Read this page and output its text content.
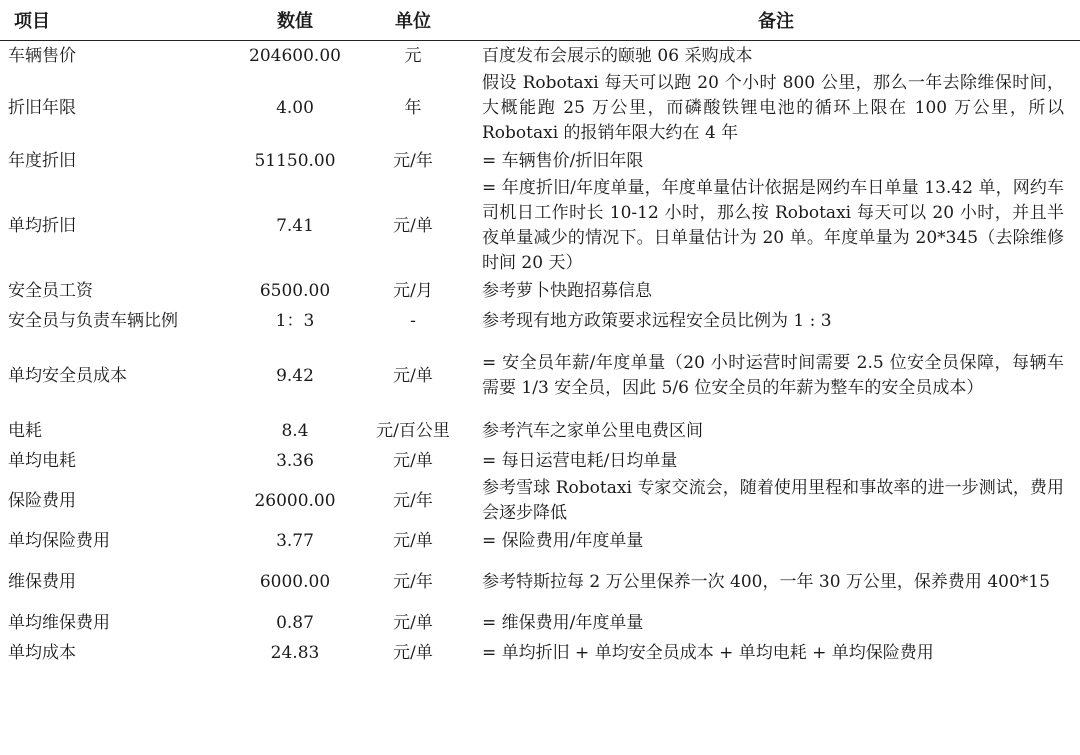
项目	数值	单位	备注
车辆售价	204600.00	元	百度发布会展示的颐驰 06 采购成本
折旧年限	4.00	年	假设 Robotaxi 每天可以跑 20 个小时 800 公里，那么一年去除维保时间，大概能跑 25 万公里，而磷酸铁锂电池的循环上限在 100 万公里，所以 Robotaxi 的报销年限大约在 4 年
年度折旧	51150.00	元/年	= 车辆售价/折旧年限
单均折旧	7.41	元/单	= 年度折旧/年度单量，年度单量估计依据是网约车日单量 13.42 单，网约车司机日工作时长 10-12 小时，那么按 Robotaxi 每天可以 20 小时，并且半夜单量减少的情况下。日单量估计为 20 单。年度单量为 20*345（去除维修时间 20 天）
安全员工资	6500.00	元/月	参考萝卜快跑招募信息
安全员与负责车辆比例	1：3	-	参考现有地方政策要求远程安全员比例为 1 : 3
单均安全员成本	9.42	元/单	= 安全员年薪/年度单量（20 小时运营时间需要 2.5 位安全员保障，每辆车需要 1/3 安全员，因此 5/6 位安全员的年薪为整车的安全员成本）
电耗	8.4	元/百公里	参考汽车之家单公里电费区间
单均电耗	3.36	元/单	= 每日运营电耗/日均单量
保险费用	26000.00	元/年	参考雪球 Robotaxi 专家交流会，随着使用里程和事故率的进一步测试，费用会逐步降低
单均保险费用	3.77	元/单	= 保险费用/年度单量
维保费用	6000.00	元/年	参考特斯拉每 2 万公里保养一次 400，一年 30 万公里，保养费用 400*15
单均维保费用	0.87	元/单	= 维保费用/年度单量
单均成本	24.83	元/单	= 单均折旧 + 单均安全员成本 + 单均电耗 + 单均保险费用
